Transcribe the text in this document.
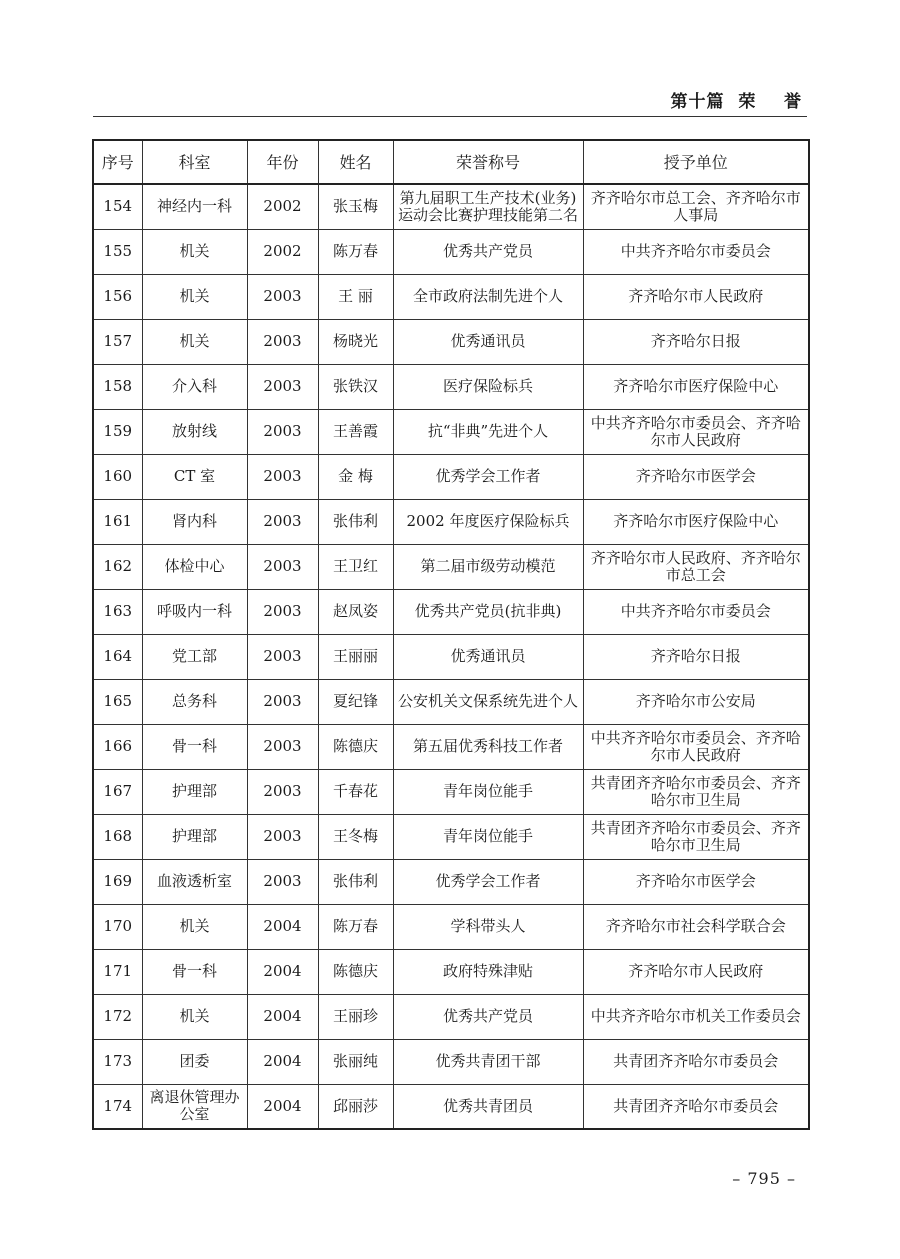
第十篇  荣    誉
序号	科室	年份	姓名	荣誉称号	授予单位
154	神经内一科	2002	张玉梅	第九届职工生产技术(业务)运动会比赛护理技能第二名	齐齐哈尔市总工会、齐齐哈尔市人事局
155	机关	2002	陈万春	优秀共产党员	中共齐齐哈尔市委员会
156	机关	2003	王 丽	全市政府法制先进个人	齐齐哈尔市人民政府
157	机关	2003	杨晓光	优秀通讯员	齐齐哈尔日报
158	介入科	2003	张铁汉	医疗保险标兵	齐齐哈尔市医疗保险中心
159	放射线	2003	王善霞	抗“非典”先进个人	中共齐齐哈尔市委员会、齐齐哈尔市人民政府
160	CT 室	2003	金 梅	优秀学会工作者	齐齐哈尔市医学会
161	肾内科	2003	张伟利	2002 年度医疗保险标兵	齐齐哈尔市医疗保险中心
162	体检中心	2003	王卫红	第二届市级劳动模范	齐齐哈尔市人民政府、齐齐哈尔市总工会
163	呼吸内一科	2003	赵凤姿	优秀共产党员(抗非典)	中共齐齐哈尔市委员会
164	党工部	2003	王丽丽	优秀通讯员	齐齐哈尔日报
165	总务科	2003	夏纪锋	公安机关文保系统先进个人	齐齐哈尔市公安局
166	骨一科	2003	陈德庆	第五届优秀科技工作者	中共齐齐哈尔市委员会、齐齐哈尔市人民政府
167	护理部	2003	千春花	青年岗位能手	共青团齐齐哈尔市委员会、齐齐哈尔市卫生局
168	护理部	2003	王冬梅	青年岗位能手	共青团齐齐哈尔市委员会、齐齐哈尔市卫生局
169	血液透析室	2003	张伟利	优秀学会工作者	齐齐哈尔市医学会
170	机关	2004	陈万春	学科带头人	齐齐哈尔市社会科学联合会
171	骨一科	2004	陈德庆	政府特殊津贴	齐齐哈尔市人民政府
172	机关	2004	王丽珍	优秀共产党员	中共齐齐哈尔市机关工作委员会
173	团委	2004	张丽纯	优秀共青团干部	共青团齐齐哈尔市委员会
174	离退休管理办公室	2004	邱丽莎	优秀共青团员	共青团齐齐哈尔市委员会
– 795 –
